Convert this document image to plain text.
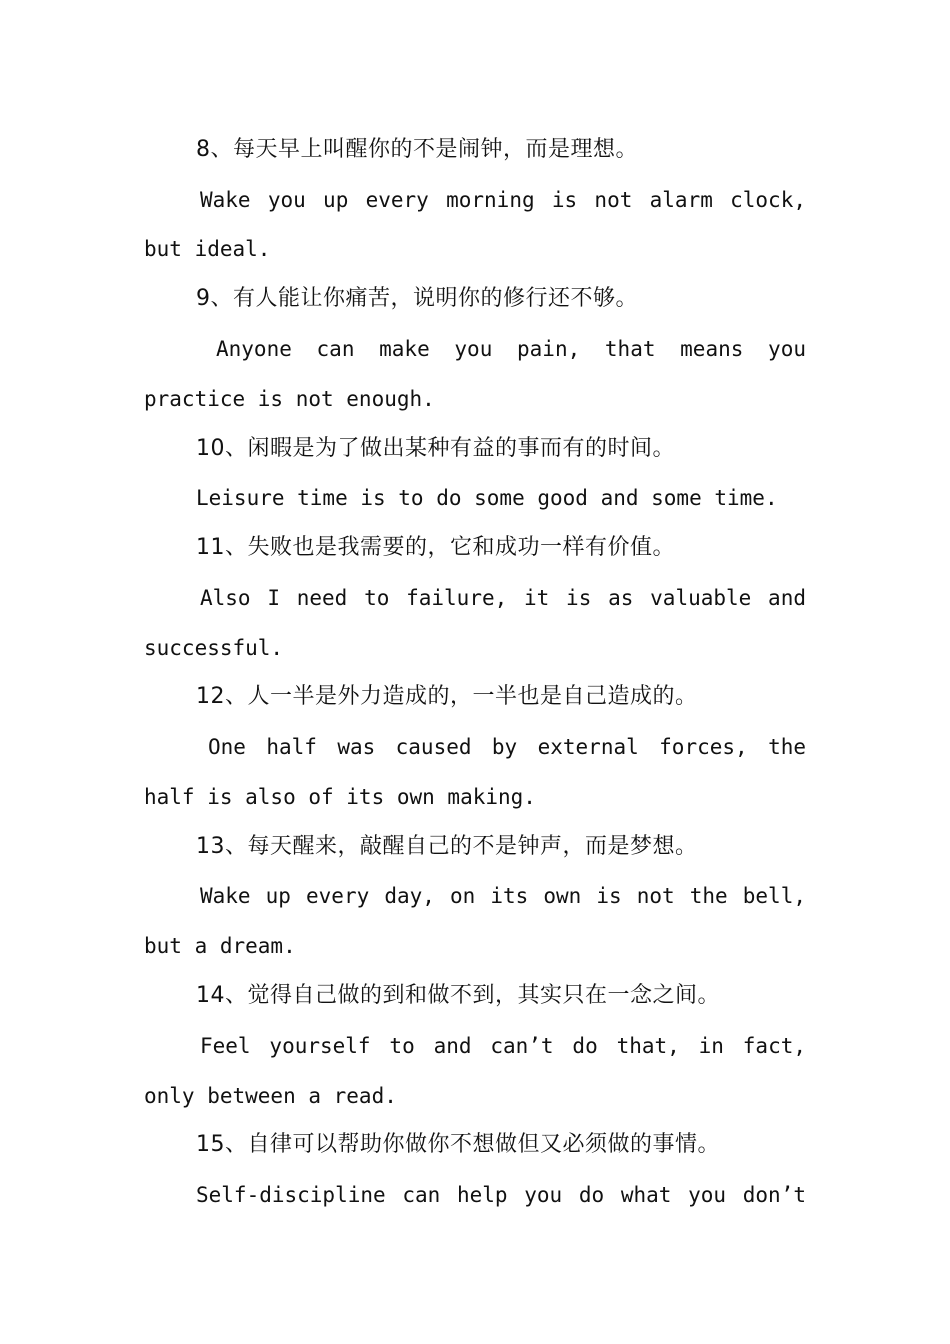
8、每天早上叫醒你的不是闹钟，而是理想。
Wake you up every morning is not alarm clock,
but ideal.
9、有人能让你痛苦，说明你的修行还不够。
Anyone can make you pain, that means you
practice is not enough.
10、闲暇是为了做出某种有益的事而有的时间。
Leisure time is to do some good and some time.
11、失败也是我需要的，它和成功一样有价值。
Also I need to failure, it is as valuable and
successful.
12、人一半是外力造成的，一半也是自己造成的。
One half was caused by external forces, the
half is also of its own making.
13、每天醒来，敲醒自己的不是钟声，而是梦想。
Wake up every day, on its own is not the bell,
but a dream.
14、觉得自己做的到和做不到，其实只在一念之间。
Feel yourself to and can’t do that, in fact,
only between a read.
15、自律可以帮助你做你不想做但又必须做的事情。
Self-discipline can help you do what you don’t
